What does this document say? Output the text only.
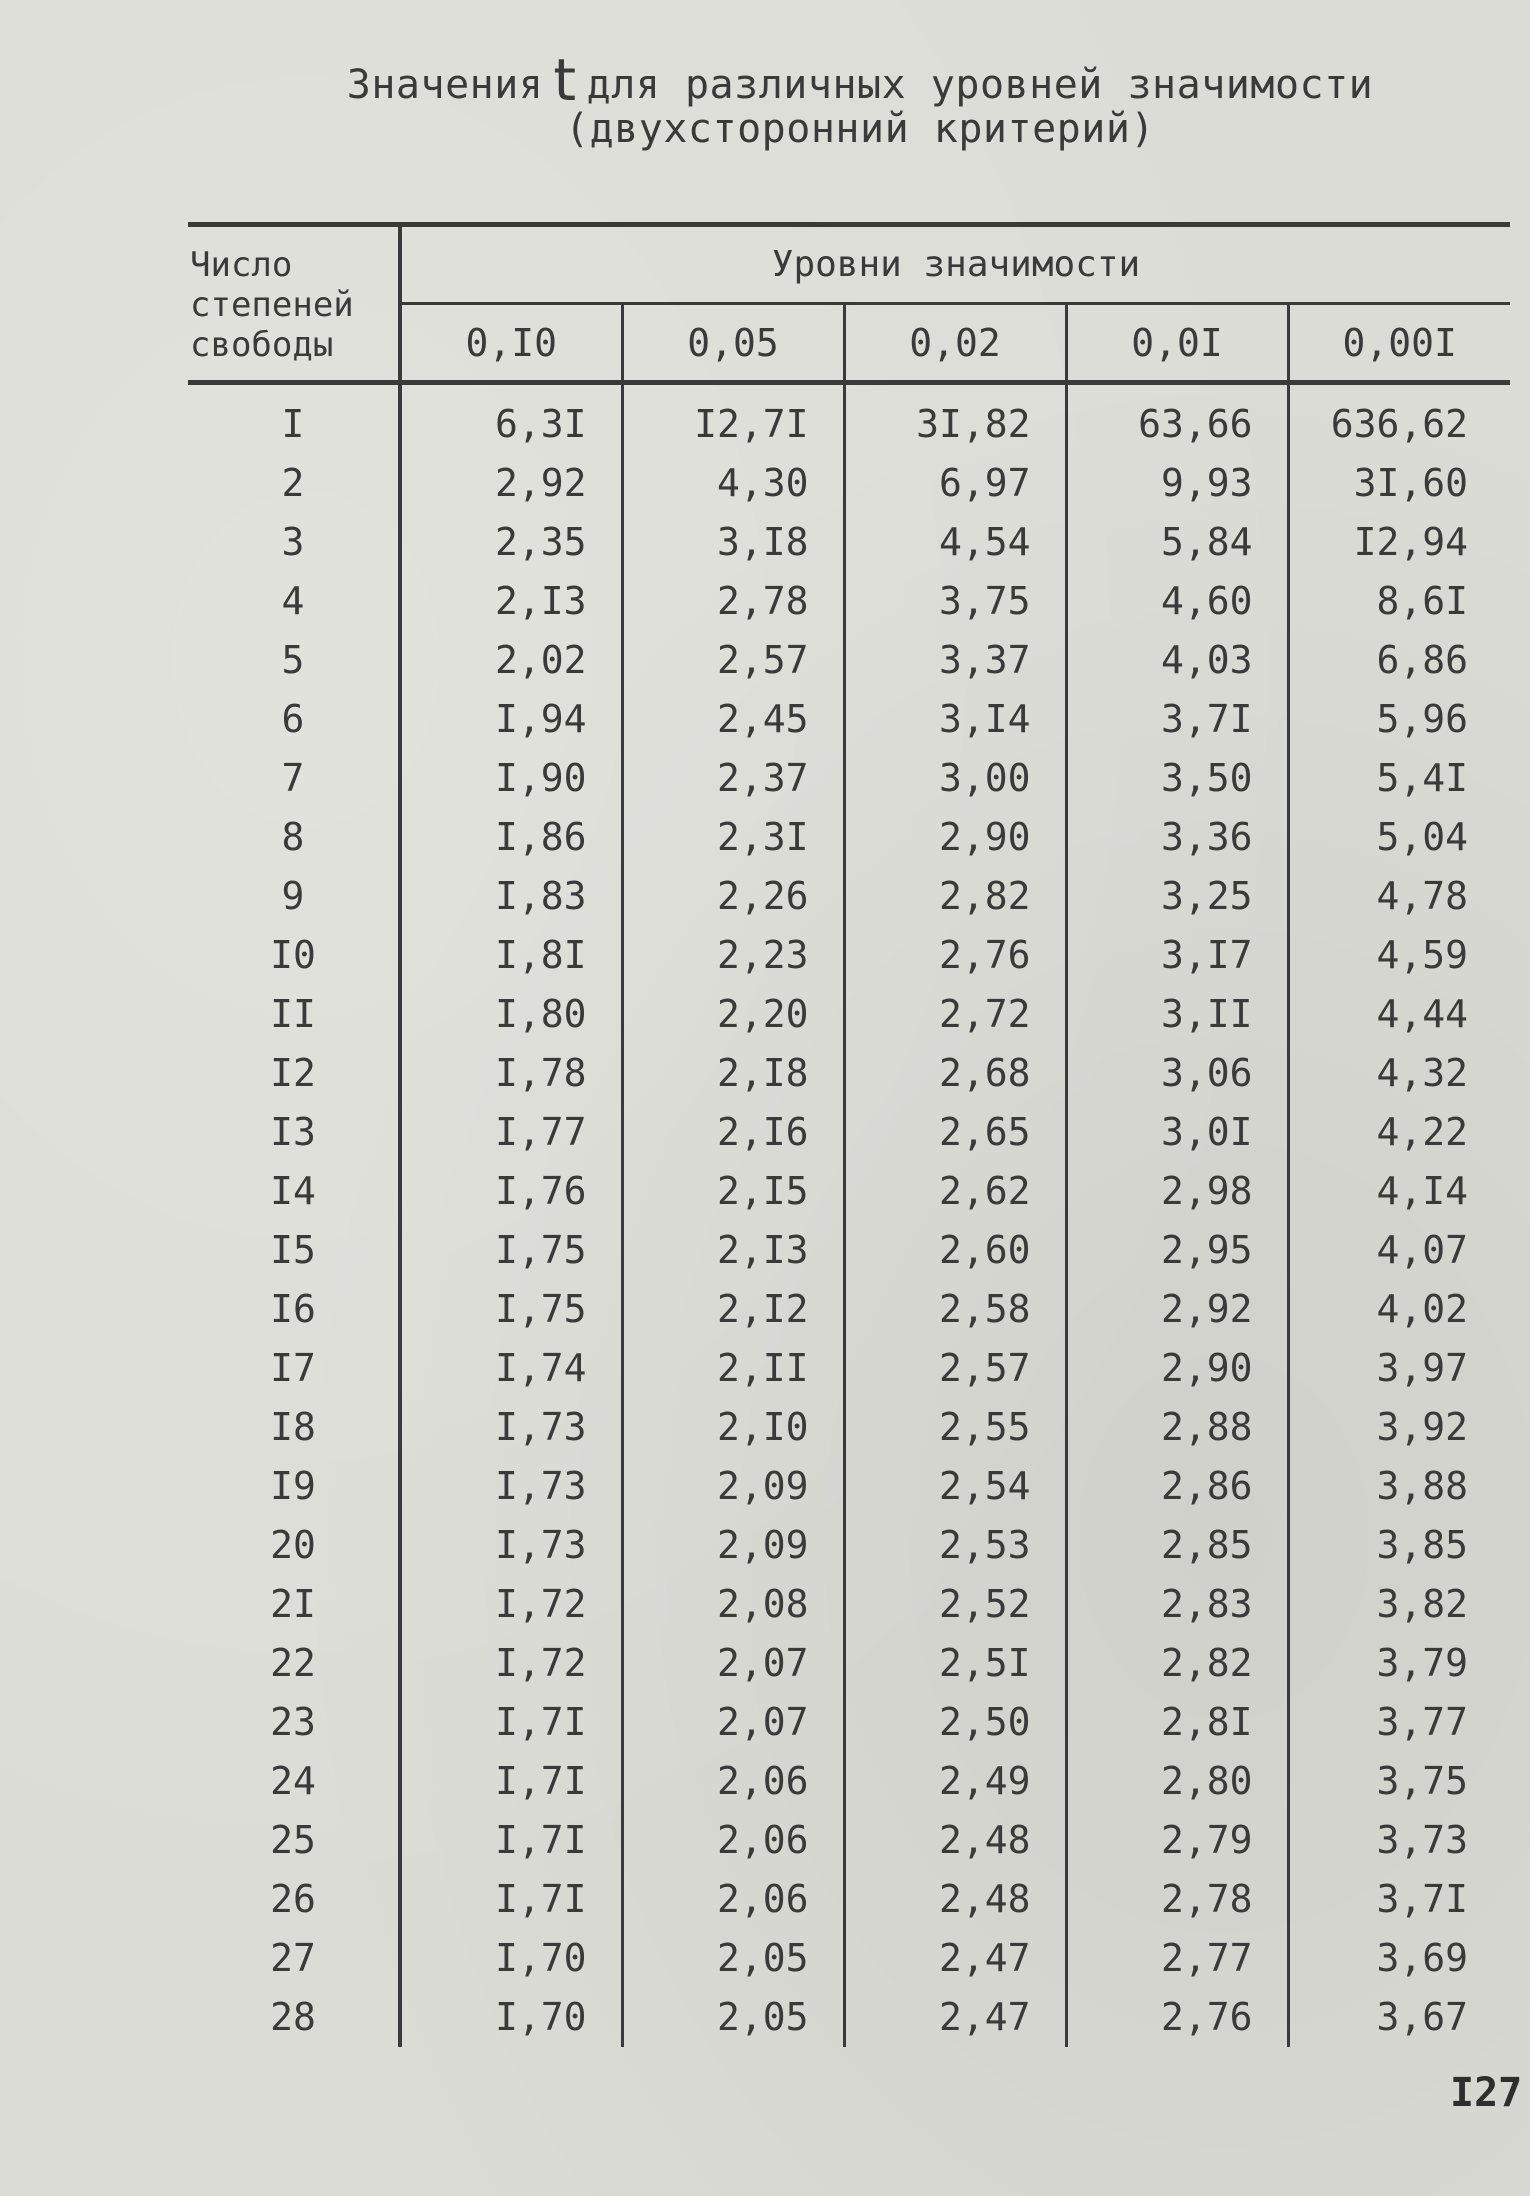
Значения t для различных уровней значимости
(двухсторонний критерий)
Число
степеней
свободы	Уровни значимости				
	0,I0	0,05	0,02	0,0I	0,00I
I	6,3I	I2,7I	3I,82	63,66	636,62
2	2,92	4,30	6,97	9,93	3I,60
3	2,35	3,I8	4,54	5,84	I2,94
4	2,I3	2,78	3,75	4,60	8,6I
5	2,02	2,57	3,37	4,03	6,86
6	I,94	2,45	3,I4	3,7I	5,96
7	I,90	2,37	3,00	3,50	5,4I
8	I,86	2,3I	2,90	3,36	5,04
9	I,83	2,26	2,82	3,25	4,78
I0	I,8I	2,23	2,76	3,I7	4,59
II	I,80	2,20	2,72	3,II	4,44
I2	I,78	2,I8	2,68	3,06	4,32
I3	I,77	2,I6	2,65	3,0I	4,22
I4	I,76	2,I5	2,62	2,98	4,I4
I5	I,75	2,I3	2,60	2,95	4,07
I6	I,75	2,I2	2,58	2,92	4,02
I7	I,74	2,II	2,57	2,90	3,97
I8	I,73	2,I0	2,55	2,88	3,92
I9	I,73	2,09	2,54	2,86	3,88
20	I,73	2,09	2,53	2,85	3,85
2I	I,72	2,08	2,52	2,83	3,82
22	I,72	2,07	2,5I	2,82	3,79
23	I,7I	2,07	2,50	2,8I	3,77
24	I,7I	2,06	2,49	2,80	3,75
25	I,7I	2,06	2,48	2,79	3,73
26	I,7I	2,06	2,48	2,78	3,7I
27	I,70	2,05	2,47	2,77	3,69
28	I,70	2,05	2,47	2,76	3,67
I27
